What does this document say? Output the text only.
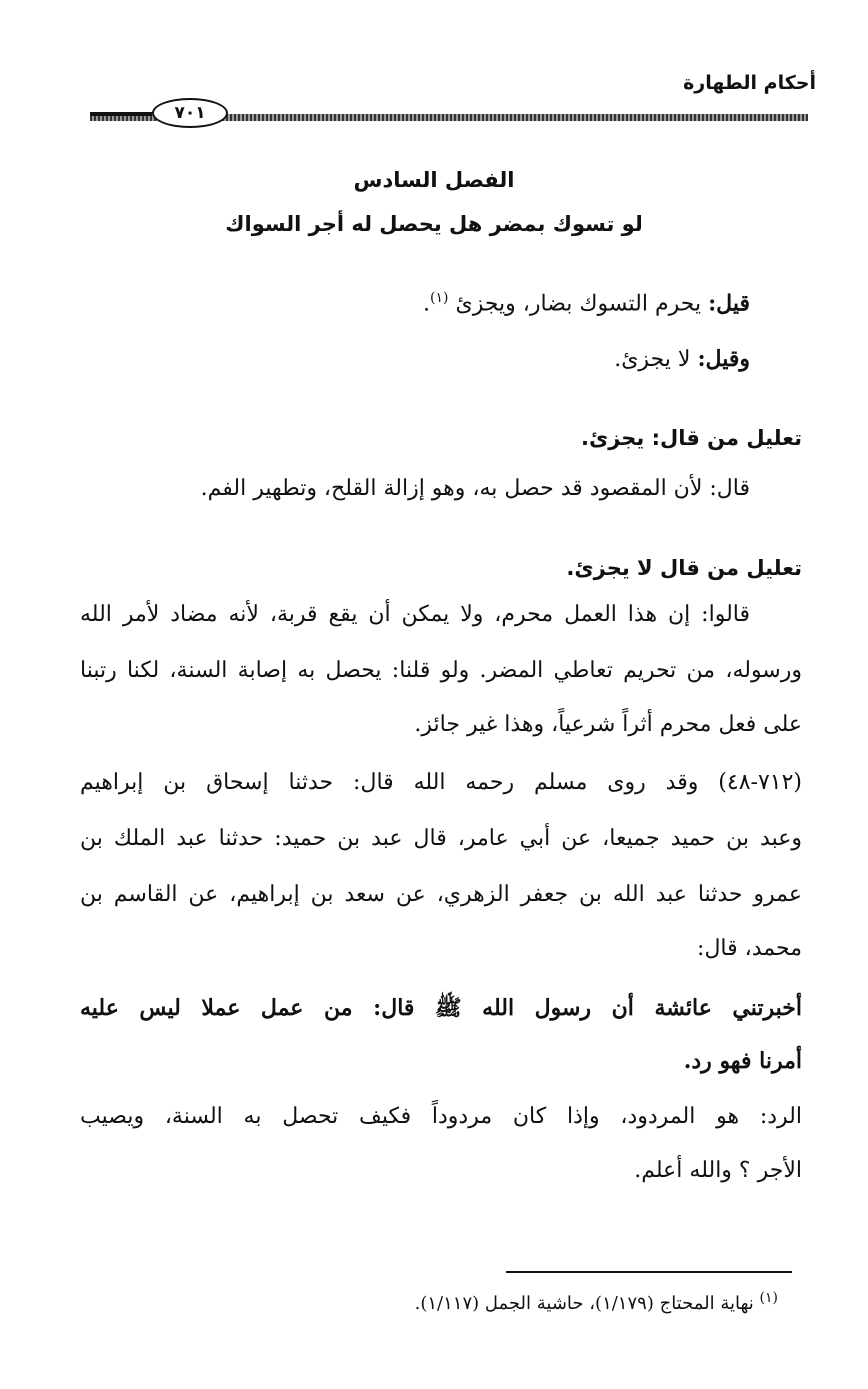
أحكام الطهارة
٧٠١
الفصل السادس
لو تسوك بمضر هل يحصل له أجر السواك
قيل: يحرم التسوك بضار، ويجزئ $^{(١)}$.
وقيل: لا يجزئ.
تعليل من قال: يجزئ.
قال: لأن المقصود قد حصل به، وهو إزالة القلح، وتطهير الفم.
تعليل من قال لا يجزئ.
قالوا: إن هذا العمل محرم، ولا يمكن أن يقع قربة، لأنه مضاد لأمر الله
ورسوله، من تحريم تعاطي المضر. ولو قلنا: يحصل به إصابة السنة، لكنا رتبنا
على فعل محرم أثراً شرعياً، وهذا غير جائز.
(٧١٢-٤٨) وقد روى مسلم رحمه الله قال: حدثنا إسحاق بن إبراهيم
وعبد بن حميد جميعا، عن أبي عامر، قال عبد بن حميد: حدثنا عبد الملك بن
عمرو حدثنا عبد الله بن جعفر الزهري، عن سعد بن إبراهيم، عن القاسم بن
محمد، قال:
أخبرتني عائشة أن رسول الله ﷺ قال: من عمل عملا ليس عليه
أمرنا فهو رد.
الرد: هو المردود، وإذا كان مردوداً فكيف تحصل به السنة، ويصيب
الأجر ؟ والله أعلم.
$^{(١)}$ نهاية المحتاج (١/١٧٩)، حاشية الجمل (١/١١٧).
